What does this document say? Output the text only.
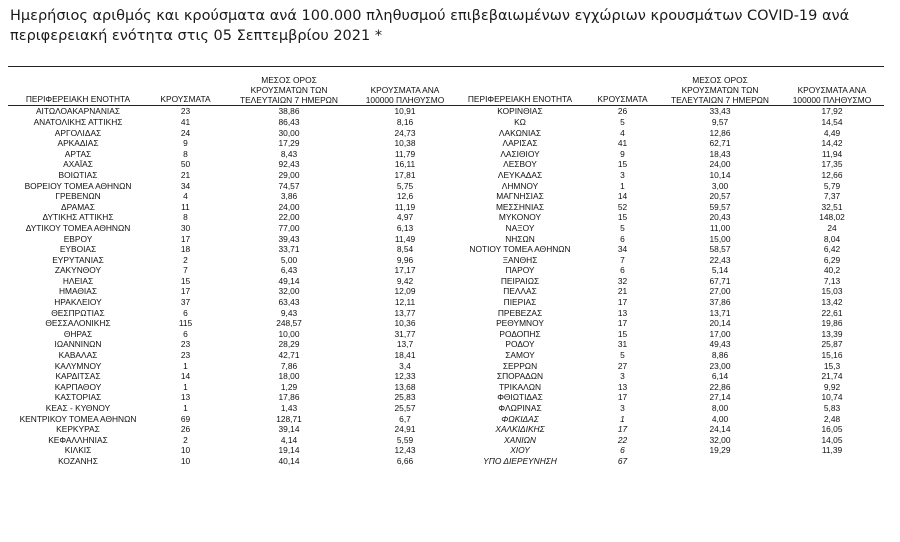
Ημερήσιος αριθμός και κρούσματα ανά 100.000 πληθυσμού επιβεβαιωμένων εγχώριων κρουσμάτων COVID-19 ανά περιφερειακή ενότητα στις 05 Σεπτεμβρίου 2021 *
ΠΕΡΙΦΕΡΕΙΑΚΗ ΕΝΟΤΗΤΑ	ΚΡΟΥΣΜΑΤΑ	ΜΕΣΟΣ ΟΡΟΣ ΚΡΟΥΣΜΑΤΩΝ ΤΩΝ ΤΕΛΕΥΤΑΙΩΝ 7 ΗΜΕΡΩΝ	ΚΡΟΥΣΜΑΤΑ ΑΝΑ 100000 ΠΛΗΘΥΣΜΟ	ΠΕΡΙΦΕΡΕΙΑΚΗ ΕΝΟΤΗΤΑ	ΚΡΟΥΣΜΑΤΑ	ΜΕΣΟΣ ΟΡΟΣ ΚΡΟΥΣΜΑΤΩΝ ΤΩΝ ΤΕΛΕΥΤΑΙΩΝ 7 ΗΜΕΡΩΝ	ΚΡΟΥΣΜΑΤΑ ΑΝΑ 100000 ΠΛΗΘΥΣΜΟ
ΑΙΤΩΛΟΑΚΑΡΝΑΝΙΑΣ	23	38,86	10,91	ΚΟΡΙΝΘΙΑΣ	26	33,43	17,92
ΑΝΑΤΟΛΙΚΗΣ ΑΤΤΙΚΗΣ	41	86,43	8,16	ΚΩ	5	9,57	14,54
ΑΡΓΟΛΙΔΑΣ	24	30,00	24,73	ΛΑΚΩΝΙΑΣ	4	12,86	4,49
ΑΡΚΑΔΙΑΣ	9	17,29	10,38	ΛΑΡΙΣΑΣ	41	62,71	14,42
ΑΡΤΑΣ	8	8,43	11,79	ΛΑΣΙΘΙΟΥ	9	18,43	11,94
ΑΧΑΪΑΣ	50	92,43	16,11	ΛΕΣΒΟΥ	15	24,00	17,35
ΒΟΙΩΤΙΑΣ	21	29,00	17,81	ΛΕΥΚΑΔΑΣ	3	10,14	12,66
ΒΟΡΕΙΟΥ ΤΟΜΕΑ ΑΘΗΝΩΝ	34	74,57	5,75	ΛΗΜΝΟΥ	1	3,00	5,79
ΓΡΕΒΕΝΩΝ	4	3,86	12,6	ΜΑΓΝΗΣΙΑΣ	14	20,57	7,37
ΔΡΑΜΑΣ	11	24,00	11,19	ΜΕΣΣΗΝΙΑΣ	52	59,57	32,51
ΔΥΤΙΚΗΣ ΑΤΤΙΚΗΣ	8	22,00	4,97	ΜΥΚΟΝΟΥ	15	20,43	148,02
ΔΥΤΙΚΟΥ ΤΟΜΕΑ ΑΘΗΝΩΝ	30	77,00	6,13	ΝΑΞΟΥ	5	11,00	24
ΕΒΡΟΥ	17	39,43	11,49	ΝΗΣΩΝ	6	15,00	8,04
ΕΥΒΟΙΑΣ	18	33,71	8,54	ΝΟΤΙΟΥ ΤΟΜΕΑ ΑΘΗΝΩΝ	34	58,57	6,42
ΕΥΡΥΤΑΝΙΑΣ	2	5,00	9,96	ΞΑΝΘΗΣ	7	22,43	6,29
ΖΑΚΥΝΘΟΥ	7	6,43	17,17	ΠΑΡΟΥ	6	5,14	40,2
ΗΛΕΙΑΣ	15	49,14	9,42	ΠΕΙΡΑΙΩΣ	32	67,71	7,13
ΗΜΑΘΙΑΣ	17	32,00	12,09	ΠΕΛΛΑΣ	21	27,00	15,03
ΗΡΑΚΛΕΙΟΥ	37	63,43	12,11	ΠΙΕΡΙΑΣ	17	37,86	13,42
ΘΕΣΠΡΩΤΙΑΣ	6	9,43	13,77	ΠΡΕΒΕΖΑΣ	13	13,71	22,61
ΘΕΣΣΑΛΟΝΙΚΗΣ	115	248,57	10,36	ΡΕΘΥΜΝΟΥ	17	20,14	19,86
ΘΗΡΑΣ	6	10,00	31,77	ΡΟΔΟΠΗΣ	15	17,00	13,39
ΙΩΑΝΝΙΝΩΝ	23	28,29	13,7	ΡΟΔΟΥ	31	49,43	25,87
ΚΑΒΑΛΑΣ	23	42,71	18,41	ΣΑΜΟΥ	5	8,86	15,16
ΚΑΛΥΜΝΟΥ	1	7,86	3,4	ΣΕΡΡΩΝ	27	23,00	15,3
ΚΑΡΔΙΤΣΑΣ	14	18,00	12,33	ΣΠΟΡΑΔΩΝ	3	6,14	21,74
ΚΑΡΠΑΘΟΥ	1	1,29	13,68	ΤΡΙΚΑΛΩΝ	13	22,86	9,92
ΚΑΣΤΟΡΙΑΣ	13	17,86	25,83	ΦΘΙΩΤΙΔΑΣ	17	27,14	10,74
ΚΕΑΣ - ΚΥΘΝΟΥ	1	1,43	25,57	ΦΛΩΡΙΝΑΣ	3	8,00	5,83
ΚΕΝΤΡΙΚΟΥ ΤΟΜΕΑ ΑΘΗΝΩΝ	69	128,71	6,7	ΦΩΚΙΔΑΣ	1	4,00	2,48
ΚΕΡΚΥΡΑΣ	26	39,14	24,91	ΧΑΛΚΙΔΙΚΗΣ	17	24,14	16,05
ΚΕΦΑΛΛΗΝΙΑΣ	2	4,14	5,59	ΧΑΝΙΩΝ	22	32,00	14,05
ΚΙΛΚΙΣ	10	19,14	12,43	ΧΙΟΥ	6	19,29	11,39
ΚΟΖΑΝΗΣ	10	40,14	6,66	ΥΠΟ ΔΙΕΡΕΥΝΗΣΗ	67		
